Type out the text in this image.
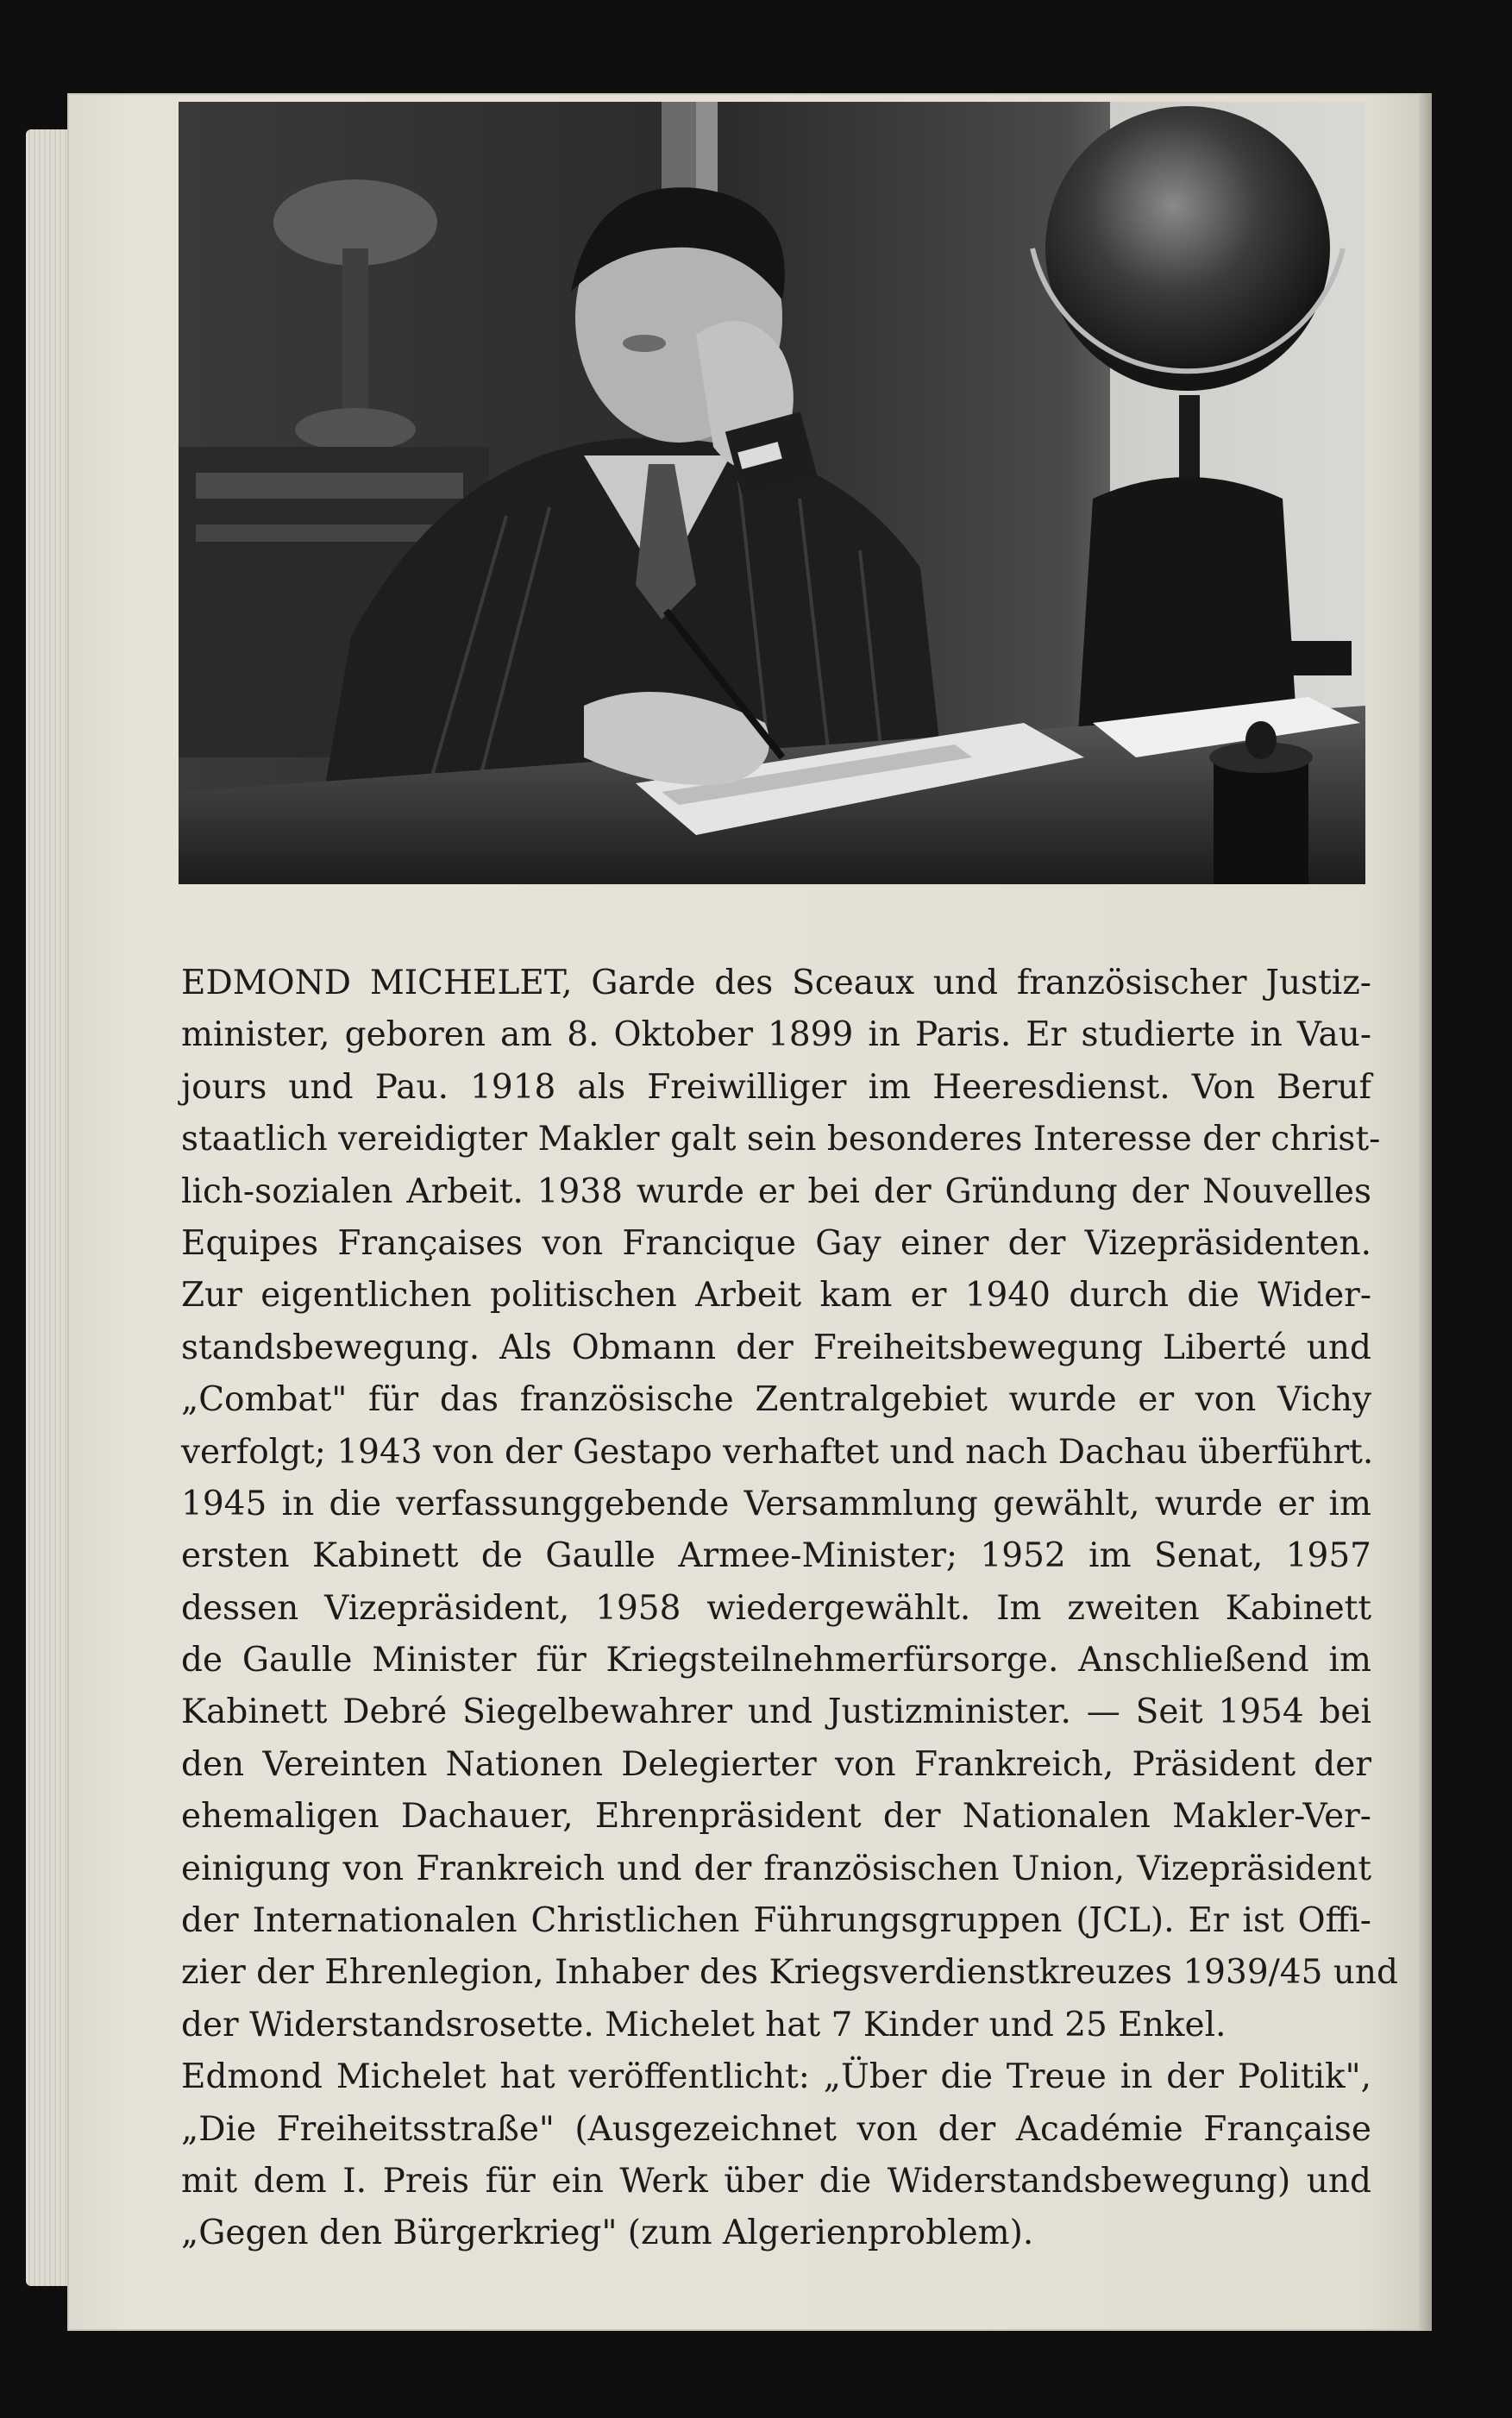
EDMOND MICHELET, Garde des Sceaux und französischer Justiz-
minister, geboren am 8. Oktober 1899 in Paris. Er studierte in Vau-
jours und Pau. 1918 als Freiwilliger im Heeresdienst. Von Beruf
staatlich vereidigter Makler galt sein besonderes Interesse der christ-
lich-sozialen Arbeit. 1938 wurde er bei der Gründung der Nouvelles
Equipes Françaises von Francique Gay einer der Vizepräsidenten.
Zur eigentlichen politischen Arbeit kam er 1940 durch die Wider-
standsbewegung. Als Obmann der Freiheitsbewegung Liberté und
„Combat" für das französische Zentralgebiet wurde er von Vichy
verfolgt; 1943 von der Gestapo verhaftet und nach Dachau überführt.
1945 in die verfassunggebende Versammlung gewählt, wurde er im
ersten Kabinett de Gaulle Armee-Minister; 1952 im Senat, 1957
dessen Vizepräsident, 1958 wiedergewählt. Im zweiten Kabinett
de Gaulle Minister für Kriegsteilnehmerfürsorge. Anschließend im
Kabinett Debré Siegelbewahrer und Justizminister. — Seit 1954 bei
den Vereinten Nationen Delegierter von Frankreich, Präsident der
ehemaligen Dachauer, Ehrenpräsident der Nationalen Makler-Ver-
einigung von Frankreich und der französischen Union, Vizepräsident
der Internationalen Christlichen Führungsgruppen (JCL). Er ist Offi-
zier der Ehrenlegion, Inhaber des Kriegsverdienstkreuzes 1939/45 und
der Widerstandsrosette. Michelet hat 7 Kinder und 25 Enkel.
Edmond Michelet hat veröffentlicht: „Über die Treue in der Politik",
„Die Freiheitsstraße" (Ausgezeichnet von der Académie Française
mit dem I. Preis für ein Werk über die Widerstandsbewegung) und
„Gegen den Bürgerkrieg" (zum Algerienproblem).
